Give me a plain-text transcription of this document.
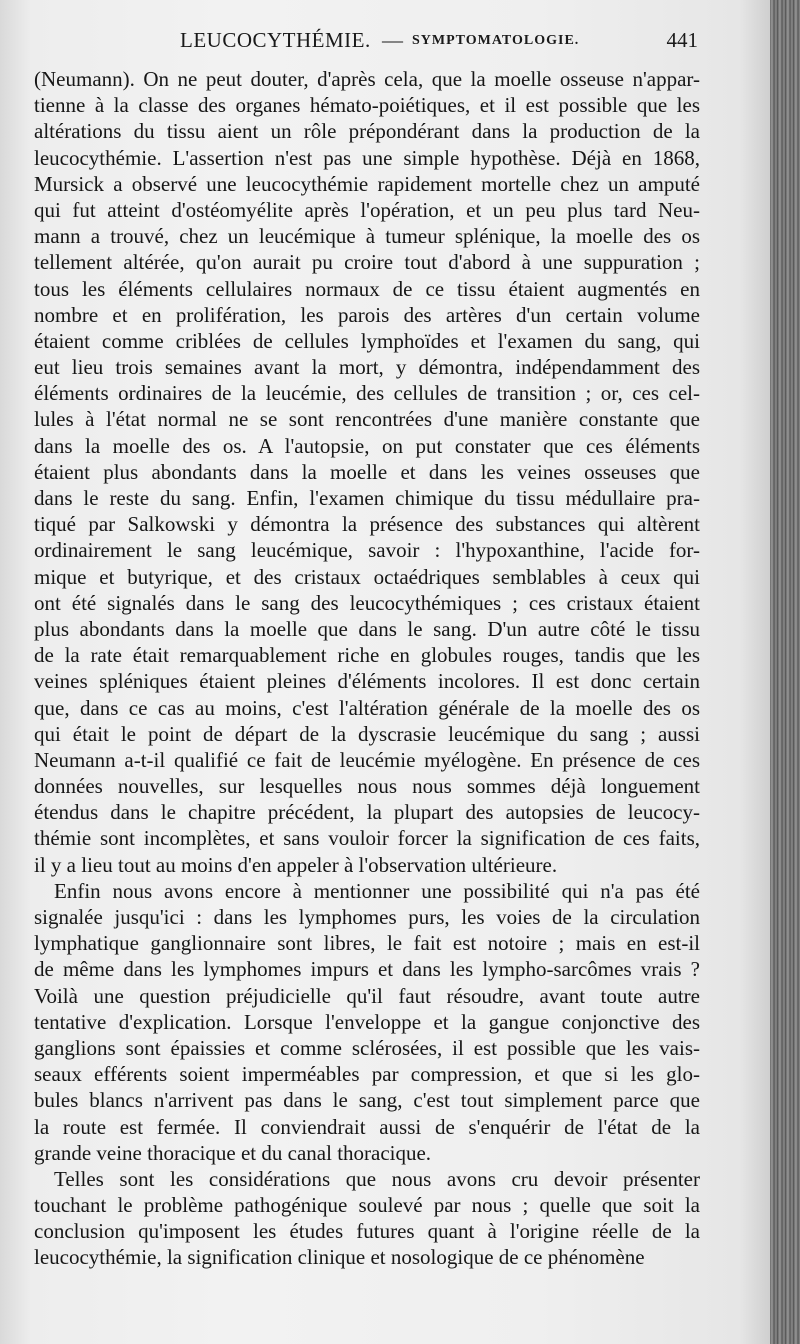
LEUCOCYTHÉMIE. — SYMPTOMATOLOGIE.	441
(Neumann). On ne peut douter, d'après cela, que la moelle osseuse n'appar-
tienne à la classe des organes hémato-poiétiques, et il est possible que les
altérations du tissu aient un rôle prépondérant dans la production de la
leucocythémie. L'assertion n'est pas une simple hypothèse. Déjà en 1868,
Mursick a observé une leucocythémie rapidement mortelle chez un amputé
qui fut atteint d'ostéomyélite après l'opération, et un peu plus tard Neu-
mann a trouvé, chez un leucémique à tumeur splénique, la moelle des os
tellement altérée, qu'on aurait pu croire tout d'abord à une suppuration ;
tous les éléments cellulaires normaux de ce tissu étaient augmentés en
nombre et en prolifération, les parois des artères d'un certain volume
étaient comme criblées de cellules lymphoïdes et l'examen du sang, qui
eut lieu trois semaines avant la mort, y démontra, indépendamment des
éléments ordinaires de la leucémie, des cellules de transition ; or, ces cel-
lules à l'état normal ne se sont rencontrées d'une manière constante que
dans la moelle des os. A l'autopsie, on put constater que ces éléments
étaient plus abondants dans la moelle et dans les veines osseuses que
dans le reste du sang. Enfin, l'examen chimique du tissu médullaire pra-
tiqué par Salkowski y démontra la présence des substances qui altèrent
ordinairement le sang leucémique, savoir : l'hypoxanthine, l'acide for-
mique et butyrique, et des cristaux octaédriques semblables à ceux qui
ont été signalés dans le sang des leucocythémiques ; ces cristaux étaient
plus abondants dans la moelle que dans le sang. D'un autre côté le tissu
de la rate était remarquablement riche en globules rouges, tandis que les
veines spléniques étaient pleines d'éléments incolores. Il est donc certain
que, dans ce cas au moins, c'est l'altération générale de la moelle des os
qui était le point de départ de la dyscrasie leucémique du sang ; aussi
Neumann a-t-il qualifié ce fait de leucémie myélogène. En présence de ces
données nouvelles, sur lesquelles nous nous sommes déjà longuement
étendus dans le chapitre précédent, la plupart des autopsies de leucocy-
thémie sont incomplètes, et sans vouloir forcer la signification de ces faits,
il y a lieu tout au moins d'en appeler à l'observation ultérieure.
Enfin nous avons encore à mentionner une possibilité qui n'a pas été
signalée jusqu'ici : dans les lymphomes purs, les voies de la circulation
lymphatique ganglionnaire sont libres, le fait est notoire ; mais en est-il
de même dans les lymphomes impurs et dans les lympho-sarcômes vrais ?
Voilà une question préjudicielle qu'il faut résoudre, avant toute autre
tentative d'explication. Lorsque l'enveloppe et la gangue conjonctive des
ganglions sont épaissies et comme sclérosées, il est possible que les vais-
seaux efférents soient imperméables par compression, et que si les glo-
bules blancs n'arrivent pas dans le sang, c'est tout simplement parce que
la route est fermée. Il conviendrait aussi de s'enquérir de l'état de la
grande veine thoracique et du canal thoracique.
Telles sont les considérations que nous avons cru devoir présenter
touchant le problème pathogénique soulevé par nous ; quelle que soit la
conclusion qu'imposent les études futures quant à l'origine réelle de la
leucocythémie, la signification clinique et nosologique de ce phénomène
